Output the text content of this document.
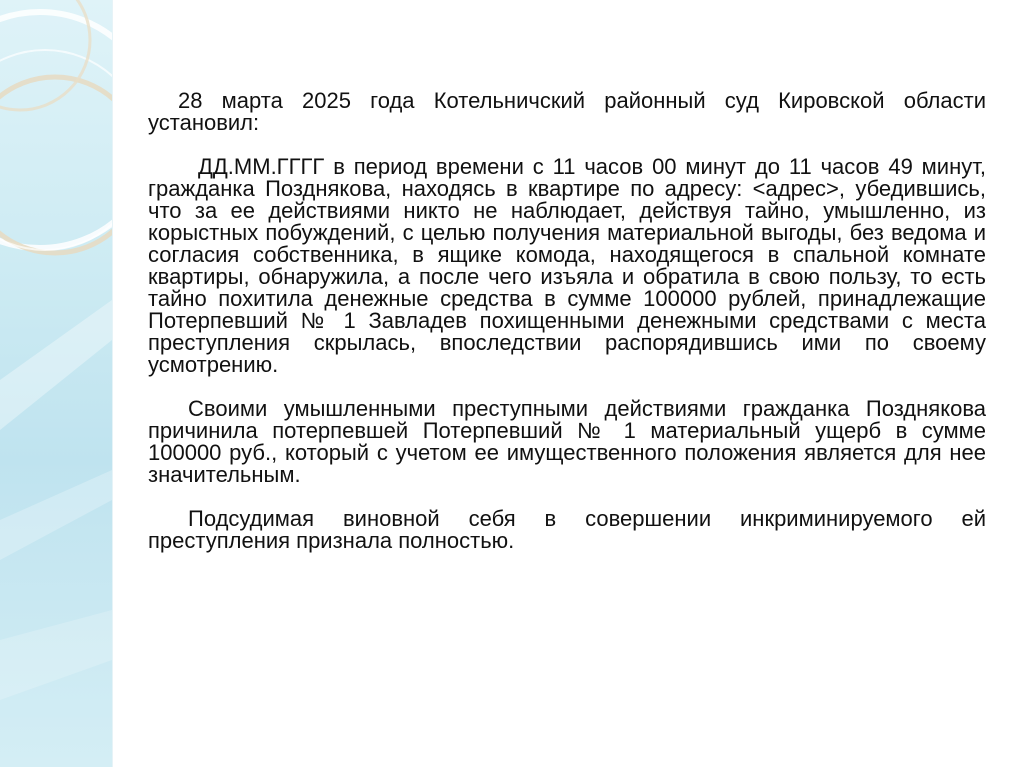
28 марта 2025 года Котельничский районный суд Кировской области установил:

ДД.ММ.ГГГГ в период времени с 11 часов 00 минут до 11 часов 49 минут, гражданка Позднякова, находясь в квартире по адресу: <адрес>, убедившись, что за ее действиями никто не наблюдает, действуя тайно, умышленно, из корыстных побуждений, с целью получения материальной выгоды, без ведома и согласия собственника, в ящике комода, находящегося в спальной комнате квартиры, обнаружила, а после чего изъяла и обратила в свою пользу, то есть тайно похитила денежные средства в сумме 100000 рублей, принадлежащие Потерпевший № 1 Завладев похищенными денежными средствами с места преступления скрылась, впоследствии распорядившись ими по своему усмотрению.

Своими умышленными преступными действиями гражданка Позднякова причинила потерпевшей Потерпевший № 1 материальный ущерб в сумме 100000 руб., который с учетом ее имущественного положения является для нее значительным.

Подсудимая виновной себя в совершении инкриминируемого ей преступления признала полностью.
